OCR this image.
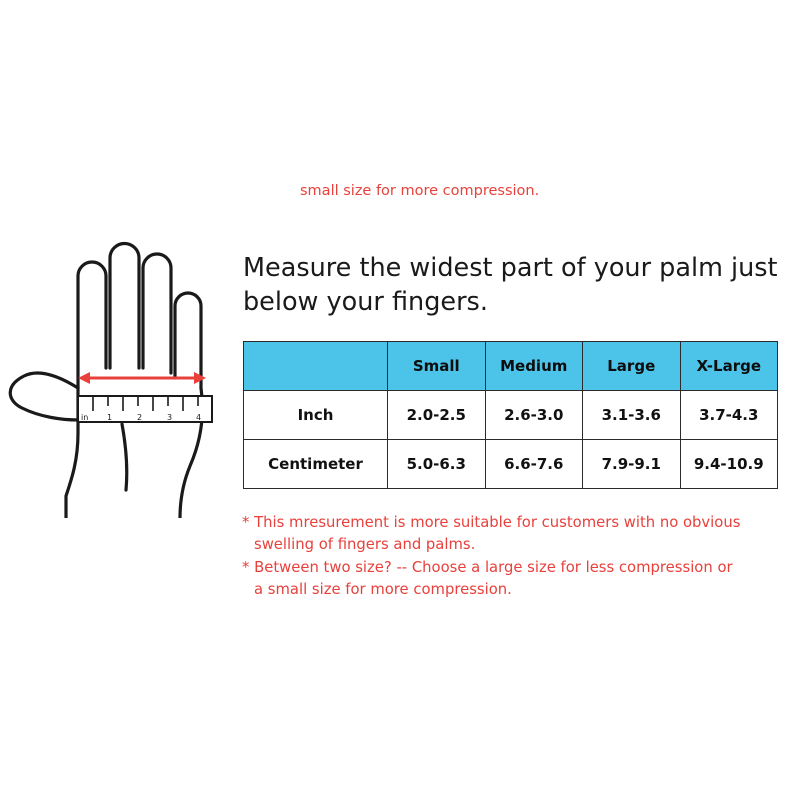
small size for more compression.
in 1	2	3	4
Measure the widest part of your palm just below your fingers.
	Small	Medium	Large	X-Large
Inch	2.0-2.5	2.6-3.0	3.1-3.6	3.7-4.3
Centimeter	5.0-6.3	6.6-7.6	7.9-9.1	9.4-10.9

* This mresurement is more suitable for customers with no obvious

swelling of fingers and palms.

* Between two size? -- Choose a large size for less compression or

a small size for more compression.
